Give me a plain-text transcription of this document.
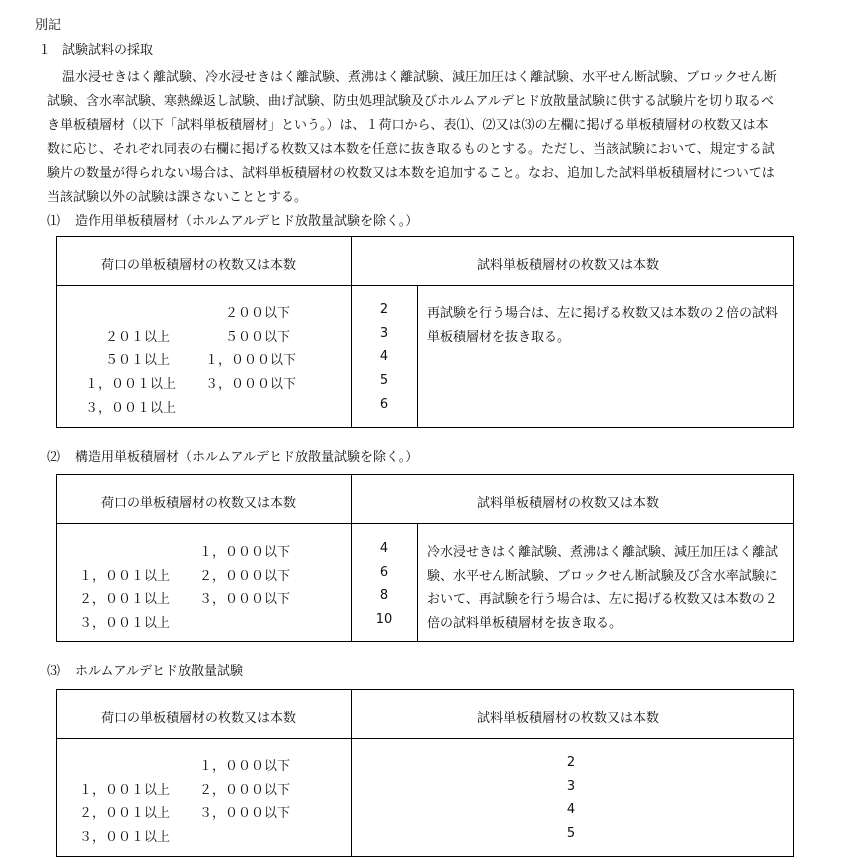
別記
１ 試験試料の採取
温水浸せきはく離試験、冷水浸せきはく離試験、煮沸はく離試験、減圧加圧はく離試験、水平せん断試験、ブロックせん断
試験、含水率試験、寒熱繰返し試験、曲げ試験、防虫処理試験及びホルムアルデヒド放散量試験に供する試験片を切り取るべ
き単板積層材（以下「試料単板積層材」という。）は、１荷口から、表⑴、⑵又は⑶の左欄に掲げる単板積層材の枚数又は本
数に応じ、それぞれ同表の右欄に掲げる枚数又は本数を任意に抜き取るものとする。ただし、当該試験において、規定する試
験片の数量が得られない場合は、試料単板積層材の枚数又は本数を追加すること。なお、追加した試料単板積層材については
当該試験以外の試験は課さないこととする。
⑴ 造作用単板積層材（ホルムアルデヒド放散量試験を除く。）
荷口の単板積層材の枚数又は本数	試料単板積層材の枚数又は本数
２００以下	2
２０１以上	５００以下	3
５０１以上	１，０００以下	4
１，００１以上 ３，０００以下	5
３，００１以上	6
再試験を行う場合は、左に掲げる枚数又は本数の２倍の試料
単板積層材を抜き取る。
⑵ 構造用単板積層材（ホルムアルデヒド放散量試験を除く。）
荷口の単板積層材の枚数又は本数	試料単板積層材の枚数又は本数
１，０００以下	4
１，００１以上 ２，０００以下	6
２，００１以上 ３，０００以下	8
３，００１以上	10
冷水浸せきはく離試験、煮沸はく離試験、減圧加圧はく離試
験、水平せん断試験、ブロックせん断試験及び含水率試験に
おいて、再試験を行う場合は、左に掲げる枚数又は本数の２
倍の試料単板積層材を抜き取る。
⑶ ホルムアルデヒド放散量試験
荷口の単板積層材の枚数又は本数	試料単板積層材の枚数又は本数
１，０００以下	2
１，００１以上 ２，０００以下	3
２，００１以上 ３，０００以下	4
３，００１以上	5
